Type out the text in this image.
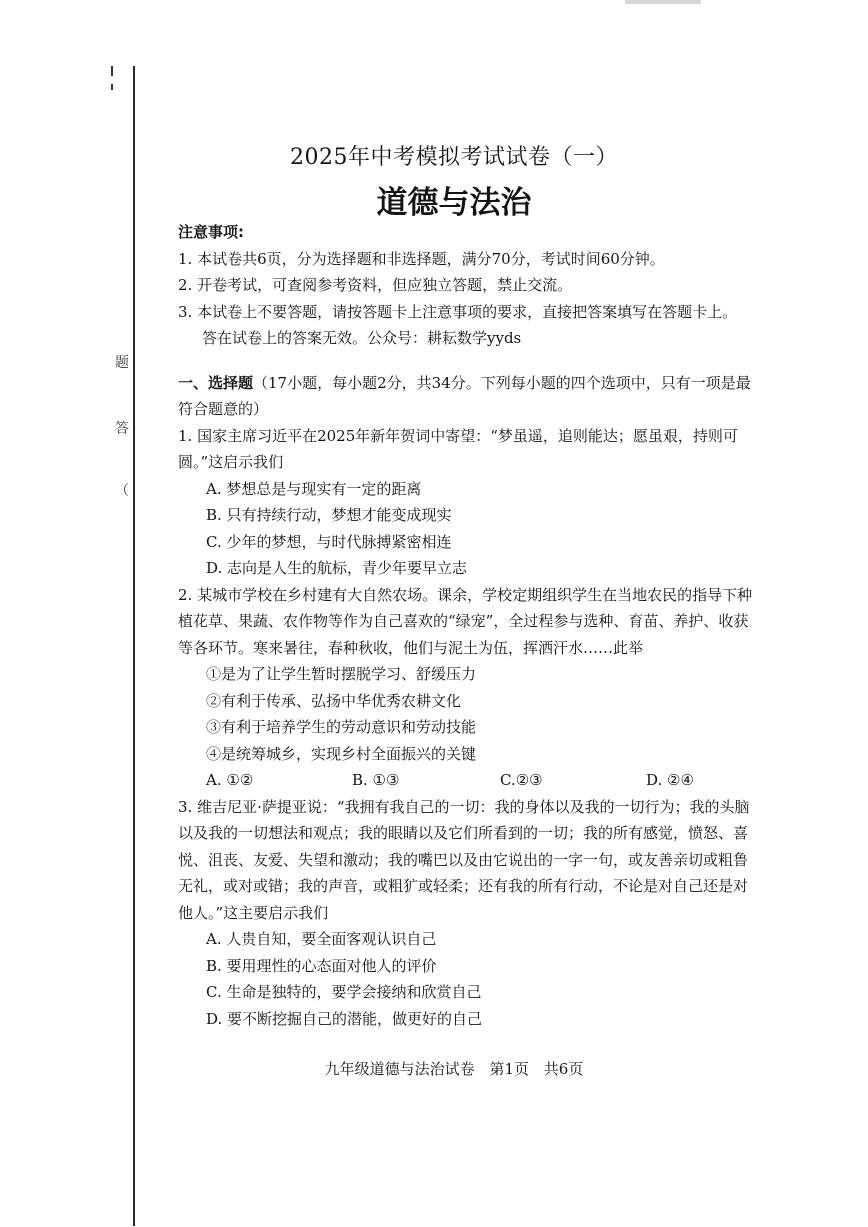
题
答
（
2025年中考模拟考试试卷（一）
道德与法治

注意事项:

1. 本试卷共6页，分为选择题和非选择题，满分70分，考试时间60分钟。

2. 开卷考试，可查阅参考资料，但应独立答题，禁止交流。

3. 本试卷上不要答题，请按答题卡上注意事项的要求，直接把答案填写在答题卡上。

答在试卷上的答案无效。公众号：耕耘数学yyds

一、选择题（17小题，每小题2分，共34分。下列每小题的四个选项中，只有一项是最符合题意的）

1. 国家主席习近平在2025年新年贺词中寄望：“梦虽遥，追则能达；愿虽艰，持则可圆。”这启示我们

A. 梦想总是与现实有一定的距离

B. 只有持续行动，梦想才能变成现实

C. 少年的梦想，与时代脉搏紧密相连

D. 志向是人生的航标，青少年要早立志

2. 某城市学校在乡村建有大自然农场。课余，学校定期组织学生在当地农民的指导下种植花草、果蔬、农作物等作为自己喜欢的“绿宠”，全过程参与选种、育苗、养护、收获等各环节。寒来暑往，春种秋收，他们与泥土为伍，挥洒汗水……此举

①是为了让学生暂时摆脱学习、舒缓压力

②有利于传承、弘扬中华优秀农耕文化

③有利于培养学生的劳动意识和劳动技能

④是统筹城乡，实现乡村全面振兴的关键

A. ①②	B. ①③	C.②③	D. ②④

3. 维吉尼亚·萨提亚说：“我拥有我自己的一切：我的身体以及我的一切行为；我的头脑以及我的一切想法和观点；我的眼睛以及它们所看到的一切；我的所有感觉，愤怒、喜悦、沮丧、友爱、失望和激动；我的嘴巴以及由它说出的一字一句，或友善亲切或粗鲁无礼，或对或错；我的声音，或粗犷或轻柔；还有我的所有行动，不论是对自己还是对他人。”这主要启示我们

A. 人贵自知，要全面客观认识自己

B. 要用理性的心态面对他人的评价

C. 生命是独特的，要学会接纳和欣赏自己

D. 要不断挖掘自己的潜能，做更好的自己

九年级道德与法治试卷 第1页 共6页
